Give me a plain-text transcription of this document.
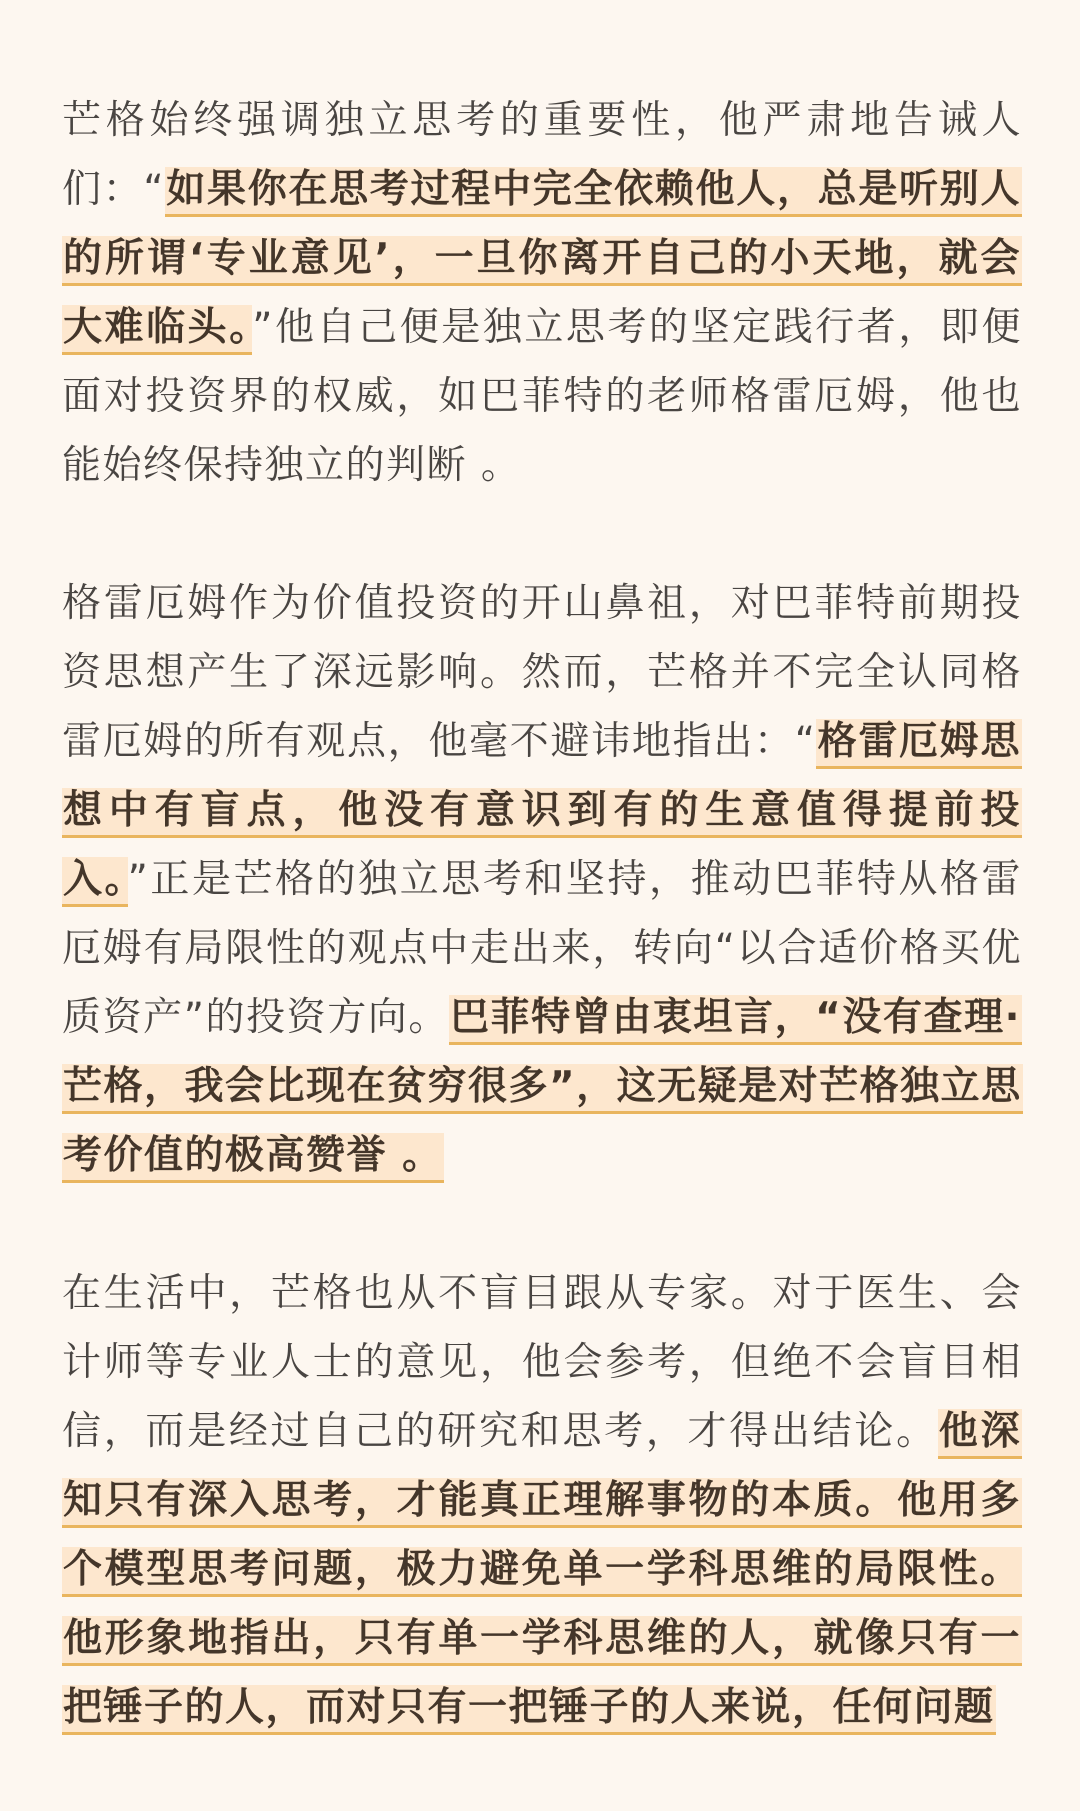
芒格始终强调独立思考的重要性，他严肃地告诫人们：“如果你在思考过程中完全依赖他人，总是听别人的所谓‘专业意见’，一旦你离开自己的小天地，就会大难临头。”他自己便是独立思考的坚定践行者，即便面对投资界的权威，如巴菲特的老师格雷厄姆，他也能始终保持独立的判断 。

格雷厄姆作为价值投资的开山鼻祖，对巴菲特前期投资思想产生了深远影响。然而，芒格并不完全认同格雷厄姆的所有观点，他毫不避讳地指出：“格雷厄姆思想中有盲点，他没有意识到有的生意值得提前投入。”正是芒格的独立思考和坚持，推动巴菲特从格雷厄姆有局限性的观点中走出来，转向“以合适价格买优质资产”的投资方向。巴菲特曾由衷坦言，“没有查理·芒格，我会比现在贫穷很多”，这无疑是对芒格独立思考价值的极高赞誉 。

在生活中，芒格也从不盲目跟从专家。对于医生、会计师等专业人士的意见，他会参考，但绝不会盲目相信，而是经过自己的研究和思考，才得出结论。他深知只有深入思考，才能真正理解事物的本质。他用多个模型思考问题，极力避免单一学科思维的局限性。他形象地指出，只有单一学科思维的人，就像只有一把锤子的人，而对只有一把锤子的人来说，任何问题
